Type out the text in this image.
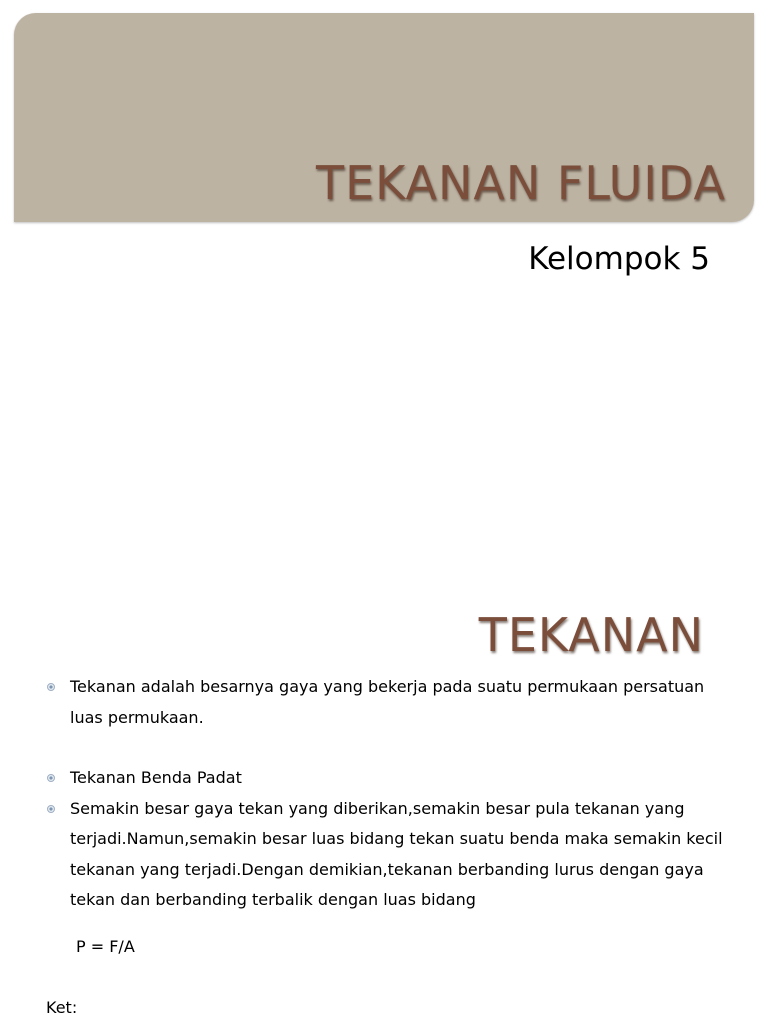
TEKANAN FLUIDA
Kelompok 5
TEKANAN
Tekanan adalah besarnya gaya yang bekerja pada suatu permukaan persatuan luas permukaan.
Tekanan Benda Padat
Semakin besar gaya tekan yang diberikan,semakin besar pula tekanan yang terjadi.Namun,semakin besar luas bidang tekan suatu benda maka semakin kecil tekanan yang terjadi.Dengan demikian,tekanan berbanding lurus dengan gaya tekan dan berbanding terbalik dengan luas bidang
P = F/A
Ket:
